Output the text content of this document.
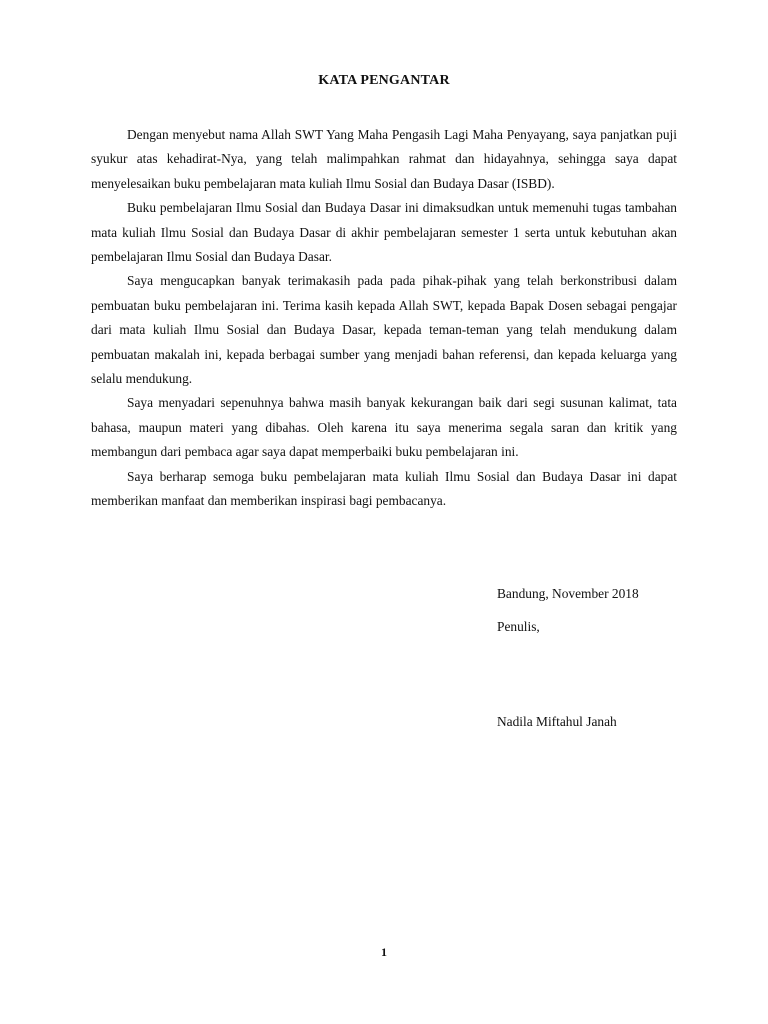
KATA PENGANTAR

Dengan menyebut nama Allah SWT Yang Maha Pengasih Lagi Maha Penyayang, saya panjatkan puji syukur atas kehadirat-Nya, yang telah malimpahkan rahmat dan hidayahnya, sehingga saya dapat menyelesaikan buku pembelajaran mata kuliah Ilmu Sosial dan Budaya Dasar (ISBD).

Buku pembelajaran Ilmu Sosial dan Budaya Dasar ini dimaksudkan untuk memenuhi tugas tambahan mata kuliah Ilmu Sosial dan Budaya Dasar di akhir pembelajaran semester 1 serta untuk kebutuhan akan pembelajaran Ilmu Sosial dan Budaya Dasar.

Saya mengucapkan banyak terimakasih pada pada pihak-pihak yang telah berkonstribusi dalam pembuatan buku pembelajaran ini. Terima kasih kepada Allah SWT, kepada Bapak Dosen sebagai pengajar dari mata kuliah Ilmu Sosial dan Budaya Dasar, kepada teman-teman yang telah mendukung dalam pembuatan makalah ini, kepada berbagai sumber yang menjadi bahan referensi, dan kepada keluarga yang selalu mendukung.

Saya menyadari sepenuhnya bahwa masih banyak kekurangan baik dari segi susunan kalimat, tata bahasa, maupun materi yang dibahas. Oleh karena itu saya menerima segala saran dan kritik yang membangun dari pembaca agar saya dapat memperbaiki buku pembelajaran ini.

Saya berharap semoga buku pembelajaran mata kuliah Ilmu Sosial dan Budaya Dasar ini dapat memberikan manfaat dan memberikan inspirasi bagi pembacanya.

Bandung, November 2018
Penulis,
Nadila Miftahul Janah
1
